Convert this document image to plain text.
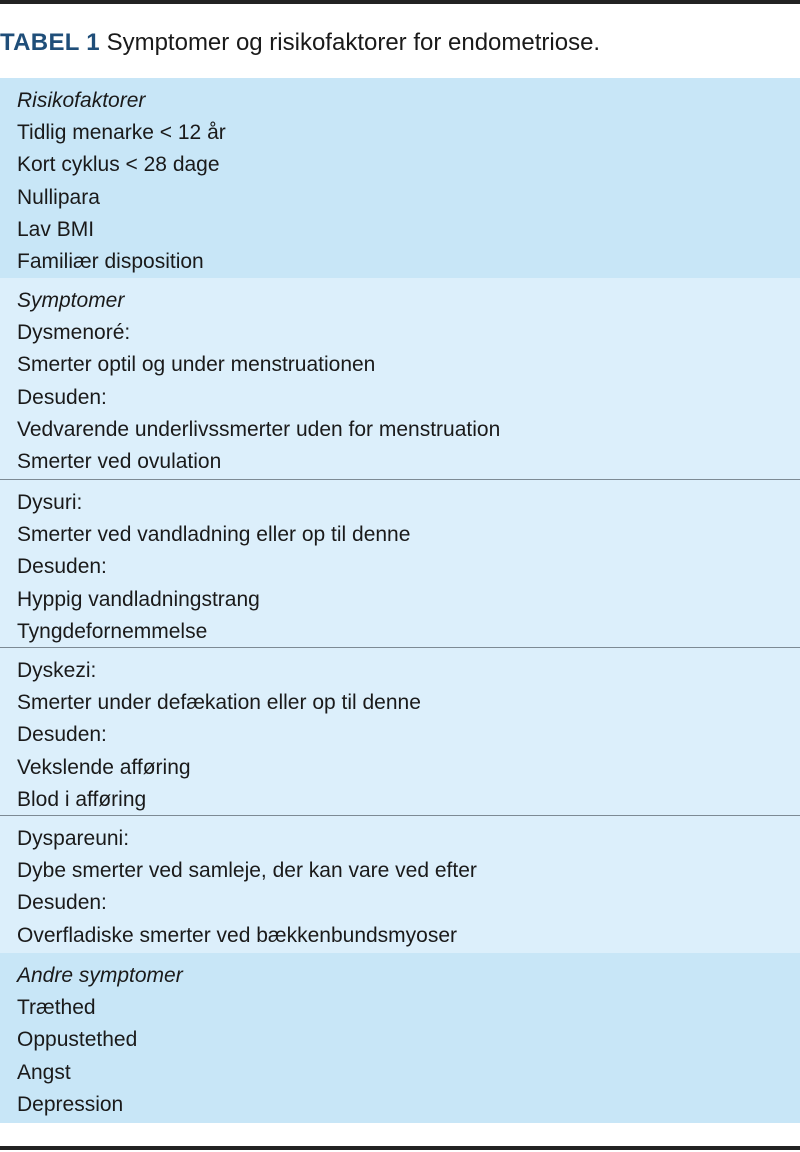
TABEL 1 Symptomer og risikofaktorer for endometriose.
Risikofaktorer
Tidlig menarke < 12 år
Kort cyklus < 28 dage
Nullipara
Lav BMI
Familiær disposition
Symptomer
Dysmenoré:
Smerter optil og under menstruationen
Desuden:
Vedvarende underlivssmerter uden for menstruation
Smerter ved ovulation
Dysuri:
Smerter ved vandladning eller op til denne
Desuden:
Hyppig vandladningstrang
Tyngdefornemmelse
Dyskezi:
Smerter under defækation eller op til denne
Desuden:
Vekslende afføring
Blod i afføring
Dyspareuni:
Dybe smerter ved samleje, der kan vare ved efter
Desuden:
Overfladiske smerter ved bækkenbundsmyoser
Andre symptomer
Træthed
Oppustethed
Angst
Depression
